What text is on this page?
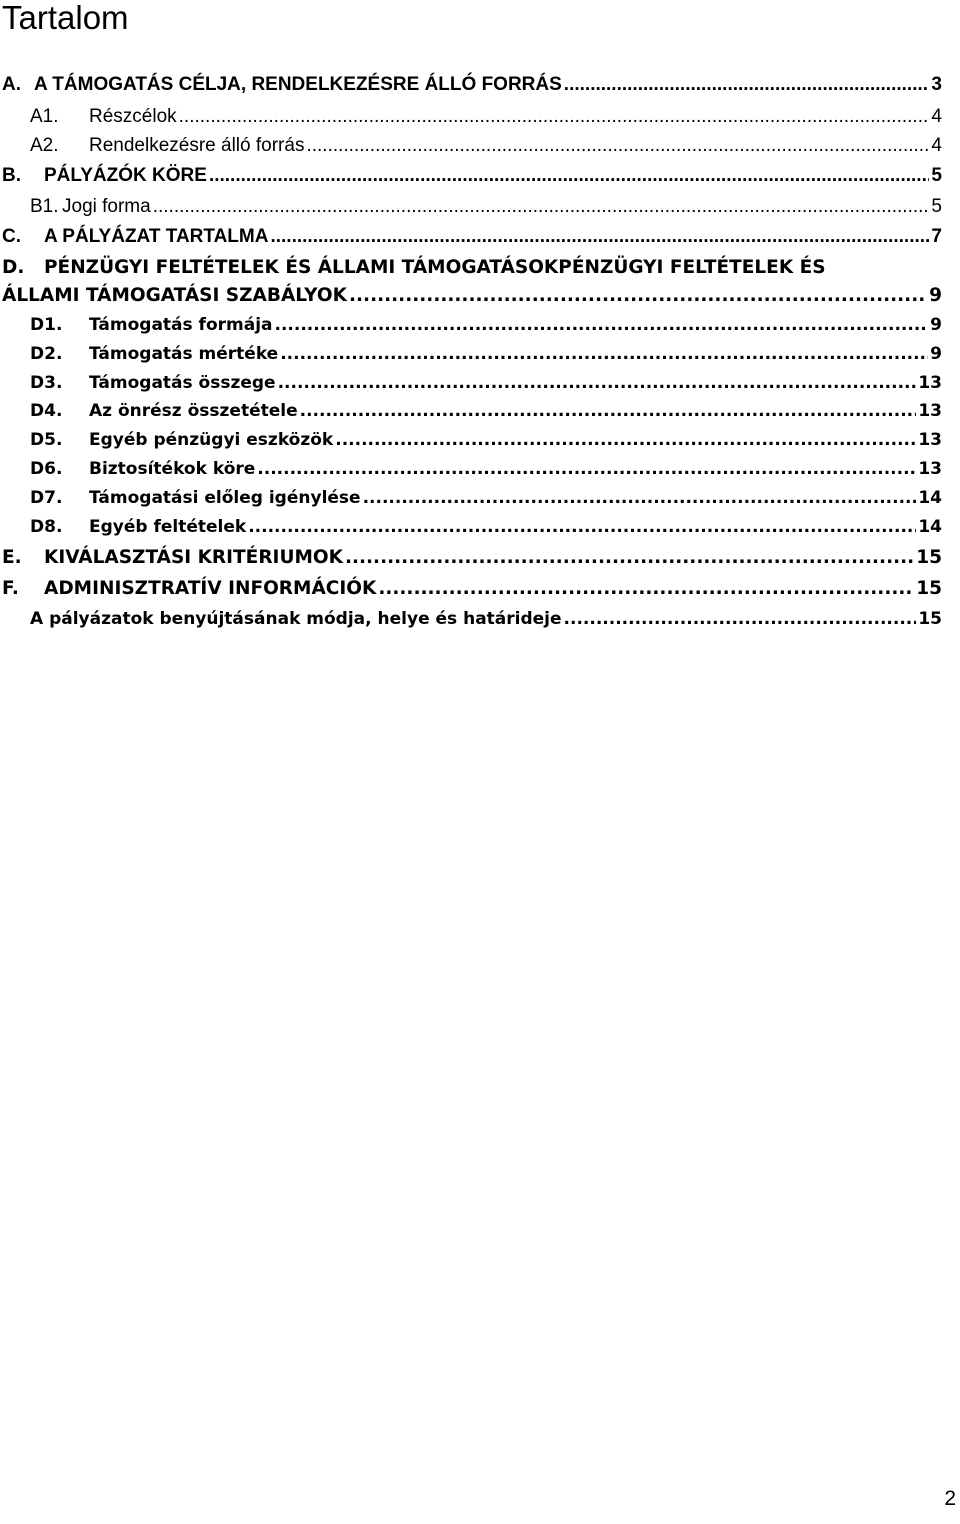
Tartalom
A. A TÁMOGATÁS CÉLJA, RENDELKEZÉSRE ÁLLÓ FORRÁS .....	3
A1.	Részcélok .....	4
A2.	Rendelkezésre álló forrás .....	4
B.	PÁLYÁZÓK KÖRE .....	5
B1. Jogi forma .....	5
C.	A PÁLYÁZAT TARTALMA .....	7
D. PÉNZÜGYI FELTÉTELEK ÉS ÁLLAMI TÁMOGATÁSOKPÉNZÜGYI FELTÉTELEK ÉS
ÁLLAMI TÁMOGATÁSI SZABÁLYOK .....	9
D1.	Támogatás formája .....	9
D2.	Támogatás mértéke .....	9
D3.	Támogatás összege .....	13
D4.	Az önrész összetétele .....	13
D5.	Egyéb pénzügyi eszközök .....	13
D6.	Biztosítékok köre .....	13
D7.	Támogatási előleg igénylése .....	14
D8.	Egyéb feltételek .....	14
E.	KIVÁLASZTÁSI KRITÉRIUMOK .....	15
F.	ADMINISZTRATÍV INFORMÁCIÓK .....	15
A pályázatok benyújtásának módja, helye és határideje .....	15
2
